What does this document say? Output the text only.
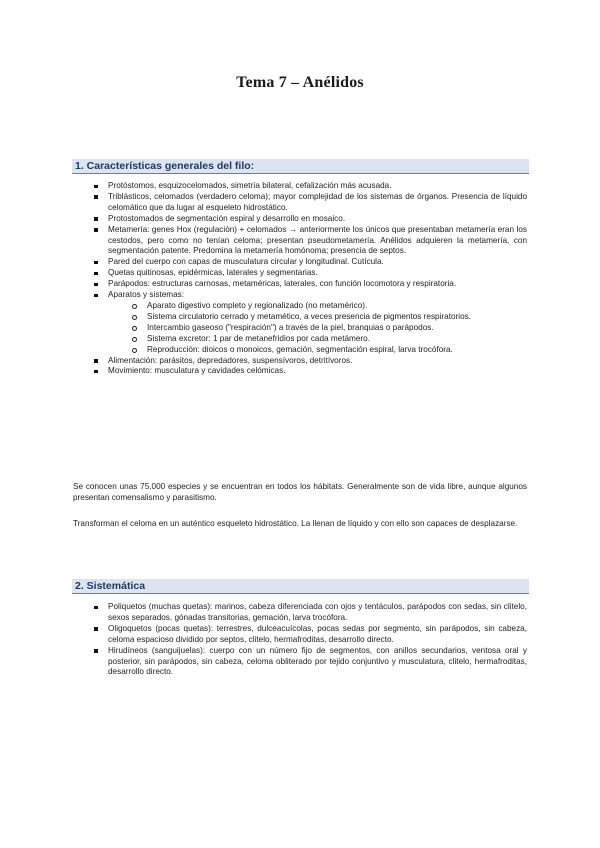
Tema 7 – Anélidos
1. Características generales del filo:
Protóstomos, esquizocelomados, simetría bilateral, cefalización más acusada.
Triblásticos, celomados (verdadero celoma); mayor complejidad de los sistemas de órganos. Presencia de líquido celomático que da lugar al esqueleto hidrostático.
Protostomados de segmentación espiral y desarrollo en mosaico.
Metamería: genes Hox (regulación) + celomados → anteriormente los únicos que presentaban metamería eran los cestodos, pero como no tenían celoma; presentan pseudometamería. Anélidos adquieren la metamería, con segmentación patente. Predomina la metamería homónoma; presencia de septos.
Pared del cuerpo con capas de musculatura circular y longitudinal. Cutícula.
Quetas quitinosas, epidérmicas, laterales y segmentarias.
Parápodos: estructuras carnosas, metaméricas, laterales, con función locomotora y respiratoria.
Aparatos y sistemas:
Aparato digestivo completo y regionalizado (no metamérico).
Sistema circulatorio cerrado y metamético, a veces presencia de pigmentos respiratorios.
Intercambio gaseoso ("respiración") a través de la piel, branquias o parápodos.
Sistema excretor: 1 par de metanefridios por cada metámero.
Reproducción: dioicos o monoicos, gemación, segmentación espiral, larva trocófora.
Alimentación: parásitos, depredadores, suspensívoros, detritívoros.
Movimiento: musculatura y cavidades celómicas.

Se conocen unas 75.000 especies y se encuentran en todos los hábitats. Generalmente son de vida libre, aunque algunos presentan comensalismo y parasitismo.

Transforman el celoma en un auténtico esqueleto hidrostático. La llenan de líquido y con ello son capaces de desplazarse.

2. Sistemática
Poliquetos (muchas quetas): marinos, cabeza diferenciada con ojos y tentáculos, parápodos con sedas, sin clitelo, sexos separados, gónadas transitorias, gemación, larva trocófora.
Oligoquetos (pocas quetas): terrestres, dulceacuícolas, pocas sedas por segmento, sin parápodos, sin cabeza, celoma espacioso dividido por septos, clitelo, hermafroditas, desarrollo directo.
Hirudíneos (sanguijuelas): cuerpo con un número fijo de segmentos, con anillos secundarios, ventosa oral y posterior, sin parápodos, sin cabeza, celoma obliterado por tejido conjuntivo y musculatura, clitelo, hermafroditas, desarrollo directo.
